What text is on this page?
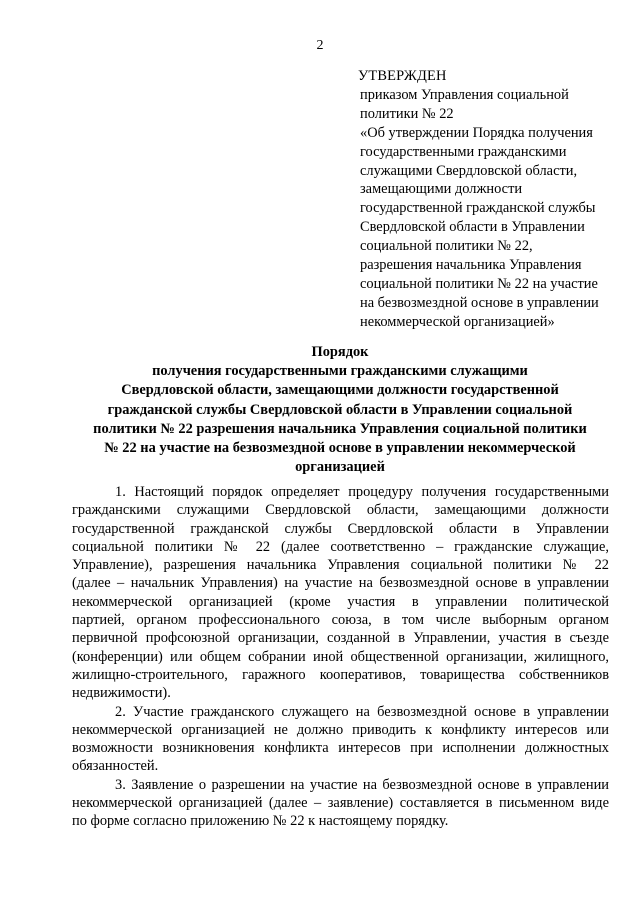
2
УТВЕРЖДЕН
приказом Управления социальной
политики № 22
«Об утверждении Порядка получения
государственными гражданскими
служащими Свердловской области,
замещающими должности
государственной гражданской службы
Свердловской области в Управлении
социальной политики № 22,
разрешения начальника Управления
социальной политики № 22 на участие
на безвозмездной основе в управлении
некоммерческой организацией»
Порядок
получения государственными гражданскими служащими
Свердловской области, замещающими должности государственной
гражданской службы Свердловской области в Управлении социальной
политики № 22 разрешения начальника Управления социальной политики
№ 22 на участие на безвозмездной основе в управлении некоммерческой
организацией
1. Настоящий порядок определяет процедуру получения государственными
гражданскими служащими Свердловской области, замещающими должности
государственной гражданской службы Свердловской области в Управлении
социальной политики № 22 (далее соответственно – гражданские служащие,
Управление), разрешения начальника Управления социальной политики № 22
(далее – начальник Управления) на участие на безвозмездной основе в управлении
некоммерческой организацией (кроме участия в управлении политической
партией, органом профессионального союза, в том числе выборным органом
первичной профсоюзной организации, созданной в Управлении, участия в съезде
(конференции) или общем собрании иной общественной организации, жилищного,
жилищно-строительного, гаражного кооперативов, товарищества собственников
недвижимости).
2. Участие гражданского служащего на безвозмездной основе в управлении
некоммерческой организацией не должно приводить к конфликту интересов или
возможности возникновения конфликта интересов при исполнении должностных
обязанностей.
3. Заявление о разрешении на участие на безвозмездной основе в управлении
некоммерческой организацией (далее – заявление) составляется в письменном виде
по форме согласно приложению № 22 к настоящему порядку.
